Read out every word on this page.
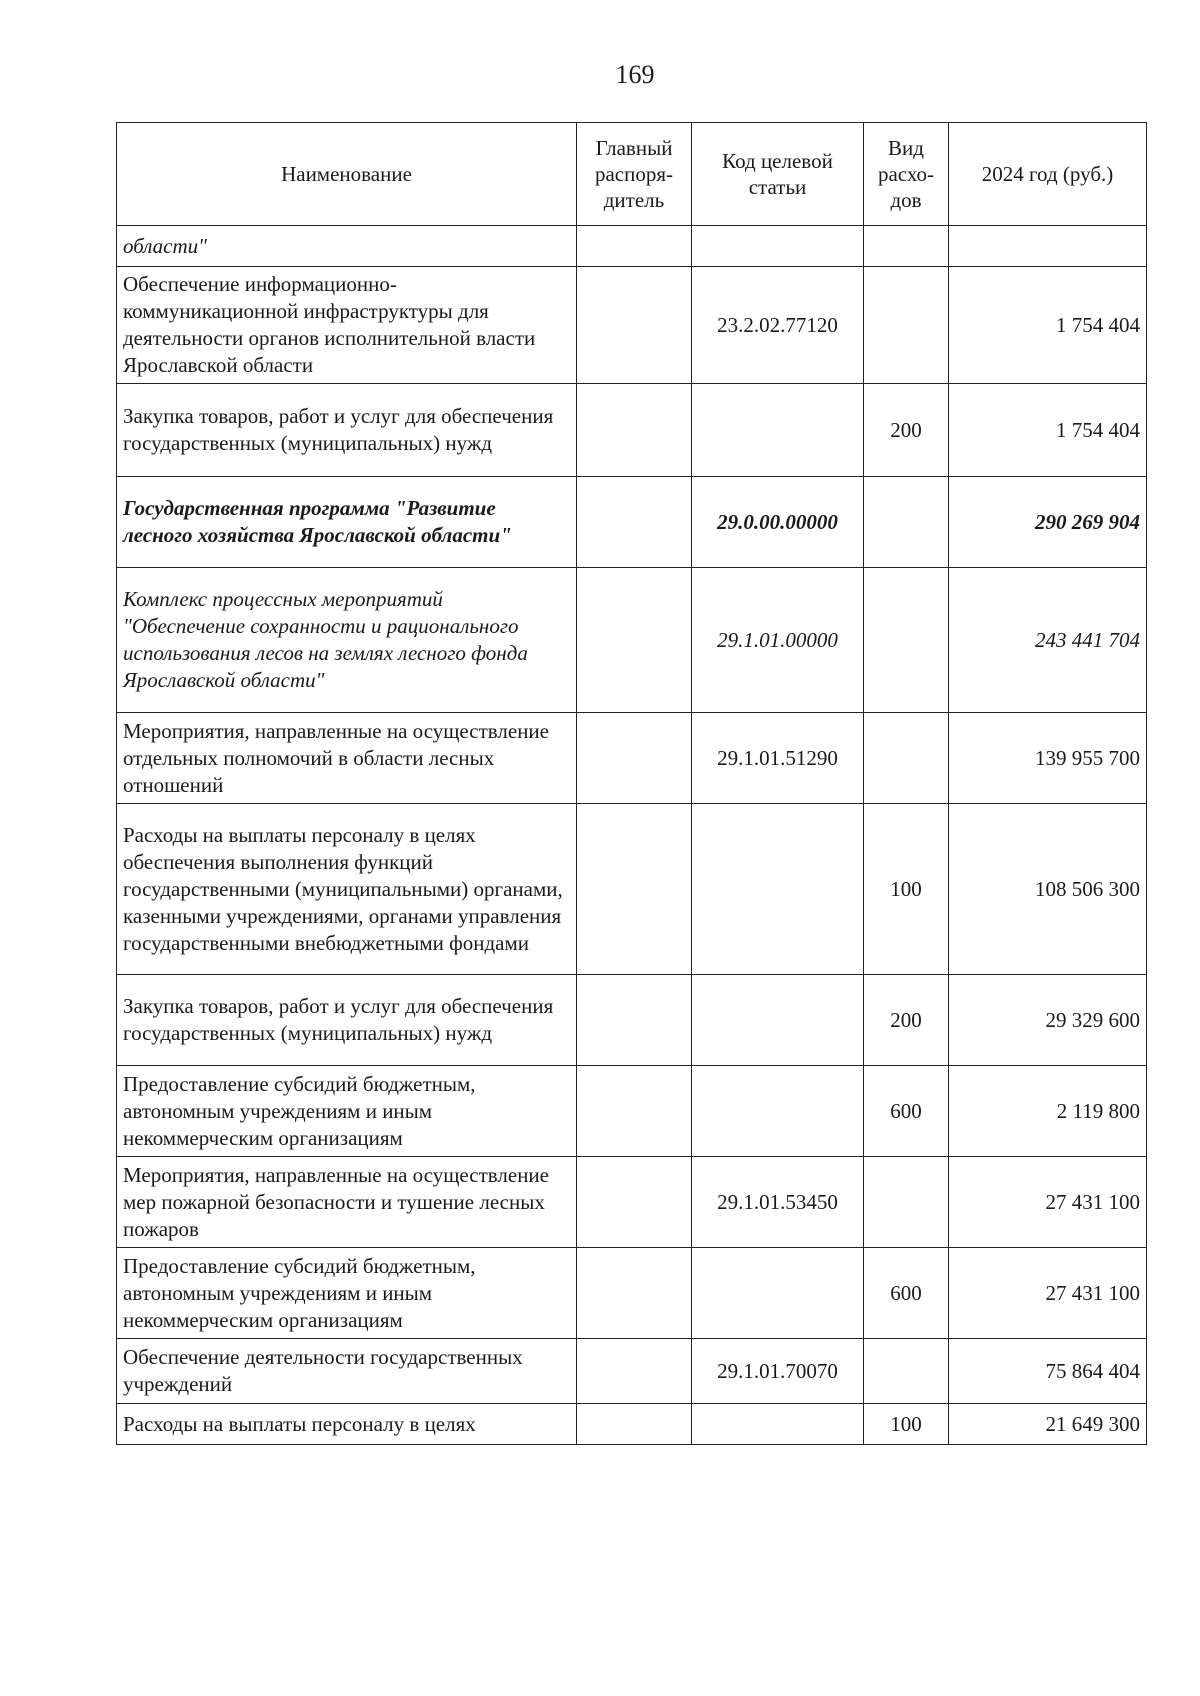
169
Наименование	Главный распоря-дитель	Код целевой статьи	Вид расхо-дов	2024 год (руб.)
области"				
Обеспечение информационно-коммуникационной инфраструктуры для деятельности органов исполнительной власти Ярославской области		23.2.02.77120		1 754 404
Закупка товаров, работ и услуг для обеспечения государственных (муниципальных) нужд			200	1 754 404
Государственная программа "Развитие лесного хозяйства Ярославской области"		29.0.00.00000		290 269 904
Комплекс процессных мероприятий "Обеспечение сохранности и рационального использования лесов на землях лесного фонда Ярославской области"		29.1.01.00000		243 441 704
Мероприятия, направленные на осуществление отдельных полномочий в области лесных отношений		29.1.01.51290		139 955 700
Расходы на выплаты персоналу в целях обеспечения выполнения функций государственными (муниципальными) органами, казенными учреждениями, органами управления государственными внебюджетными фондами			100	108 506 300
Закупка товаров, работ и услуг для обеспечения государственных (муниципальных) нужд			200	29 329 600
Предоставление субсидий бюджетным, автономным учреждениям и иным некоммерческим организациям			600	2 119 800
Мероприятия, направленные на осуществление мер пожарной безопасности и тушение лесных пожаров		29.1.01.53450		27 431 100
Предоставление субсидий бюджетным, автономным учреждениям и иным некоммерческим организациям			600	27 431 100
Обеспечение деятельности государственных учреждений		29.1.01.70070		75 864 404
Расходы на выплаты персоналу в целях			100	21 649 300
